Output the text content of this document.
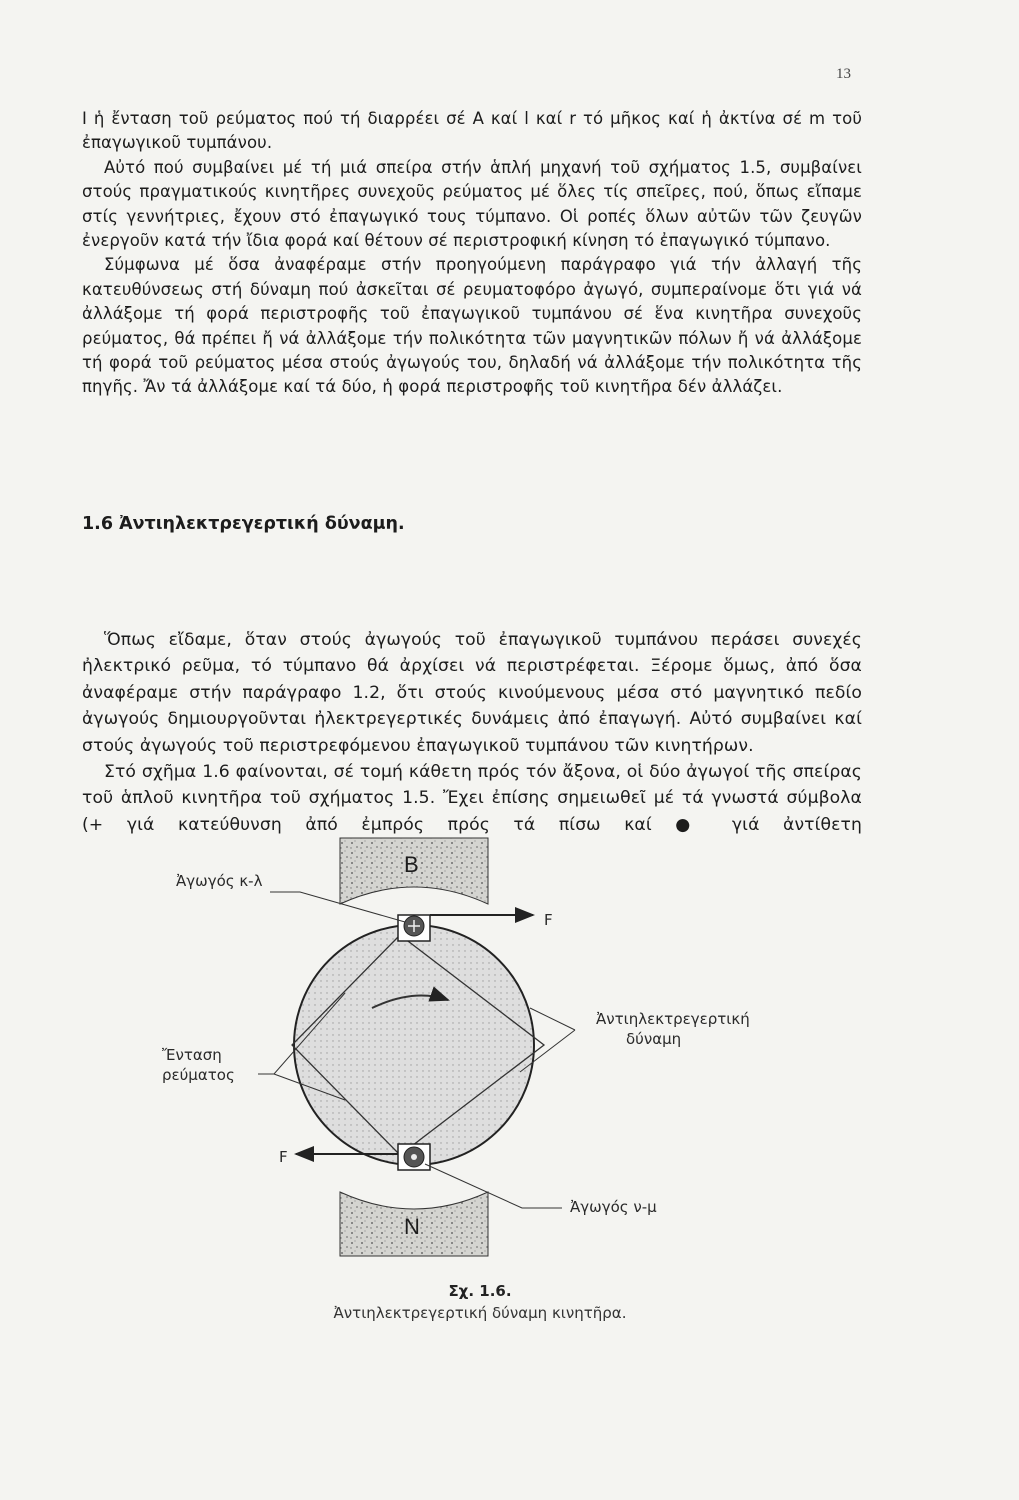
13

Ι ἡ ἔνταση τοῦ ρεύματος πού τή διαρρέει σέ Α καί l καί r τό μῆκος καί ἡ ἀκτίνα σέ m τοῦ ἐπαγωγικοῦ τυμπάνου.

Αὐτό πού συμβαίνει μέ τή μιά σπείρα στήν ἁπλή μηχανή τοῦ σχήματος 1.5, συμβαίνει στούς πραγματικούς κινητῆρες συνεχοῦς ρεύματος μέ ὅλες τίς σπεῖρες, πού, ὅπως εἴπαμε στίς γεννήτριες, ἔχουν στό ἐπαγωγικό τους τύμπανο. Οἱ ροπές ὅλων αὐτῶν τῶν ζευγῶν ἐνεργοῦν κατά τήν ἴδια φορά καί θέτουν σέ περιστροφική κίνηση τό ἐπαγωγικό τύμπανο.

Σύμφωνα μέ ὅσα ἀναφέραμε στήν προηγούμενη παράγραφο γιά τήν ἀλλαγή τῆς κατευθύνσεως στή δύναμη πού ἀσκεῖται σέ ρευματοφόρο ἀγωγό, συμπεραίνομε ὅτι γιά νά ἀλλάξομε τή φορά περιστροφῆς τοῦ ἐπαγωγικοῦ τυμπάνου σέ ἕνα κινητῆρα συνεχοῦς ρεύματος, θά πρέπει ἤ νά ἀλλάξομε τήν πολικότητα τῶν μαγνητικῶν πόλων ἤ νά ἀλλάξομε τή φορά τοῦ ρεύματος μέσα στούς ἀγωγούς του, δηλαδή νά ἀλλάξομε τήν πολικότητα τῆς πηγῆς. Ἄν τά ἀλλάξομε καί τά δύο, ἡ φορά περιστροφῆς τοῦ κινητῆρα δέν ἀλλάζει.

1.6 Ἀντιηλεκτρεγερτική δύναμη.

Ὅπως εἴδαμε, ὅταν στούς ἀγωγούς τοῦ ἐπαγωγικοῦ τυμπάνου περάσει συνεχές ἠλεκτρικό ρεῦμα, τό τύμπανο θά ἀρχίσει νά περιστρέφεται. Ξέρομε ὅμως, ἀπό ὅσα ἀναφέραμε στήν παράγραφο 1.2, ὅτι στούς κινούμενους μέσα στό μαγνητικό πεδίο ἀγωγούς δημιουργοῦνται ἠλεκτρεγερτικές δυνάμεις ἀπό ἐπαγωγή. Αὐτό συμβαίνει καί στούς ἀγωγούς τοῦ περιστρεφόμενου ἐπαγωγικοῦ τυμπάνου τῶν κινητήρων.

Στό σχῆμα 1.6 φαίνονται, σέ τομή κάθετη πρός τόν ἄξονα, οἱ δύο ἀγωγοί τῆς σπείρας τοῦ ἁπλοῦ κινητῆρα τοῦ σχήματος 1.5. Ἔχει ἐπίσης σημειωθεῖ μέ τά γνωστά σύμβολα (+ γιά κατεύθυνση ἀπό ἐμπρός πρός τά πίσω καί ● γιά ἀντίθετη

B
N
F
F
Ἀγωγός κ-λ
Ἀντιηλεκτρεγερτική
δύναμη
Ἔνταση
ρεύματος
Ἀγωγός ν-μ
Σχ. 1.6.
Ἀντιηλεκτρεγερτική δύναμη κινητῆρα.
